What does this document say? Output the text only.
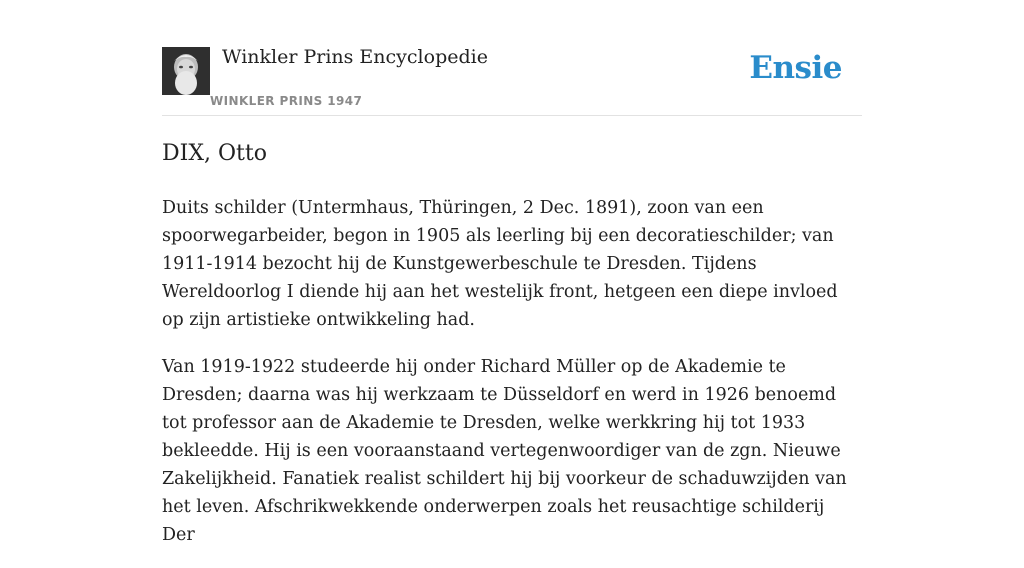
Winkler Prins Encyclopedie
WINKLER PRINS 1947
Ensie
DIX, Otto

Duits schilder (Untermhaus, Thüringen, 2 Dec. 1891), zoon van een spoorwegarbeider, begon in 1905 als leerling bij een decoratieschilder; van 1911-1914 bezocht hij de Kunstgewerbeschule te Dresden. Tijdens Wereldoorlog I diende hij aan het westelijk front, hetgeen een diepe invloed op zijn artistieke ontwikkeling had.

Van 1919-1922 studeerde hij onder Richard Müller op de Akademie te Dresden; daarna was hij werkzaam te Düsseldorf en werd in 1926 benoemd tot professor aan de Akademie te Dresden, welke werkkring hij tot 1933 bekleedde. Hij is een vooraanstaand vertegenwoordiger van de zgn. Nieuwe Zakelijkheid. Fanatiek realist schildert hij bij voorkeur de schaduwzijden van het leven. Afschrikwekkende onderwerpen zoals het reusachtige schilderij Der
